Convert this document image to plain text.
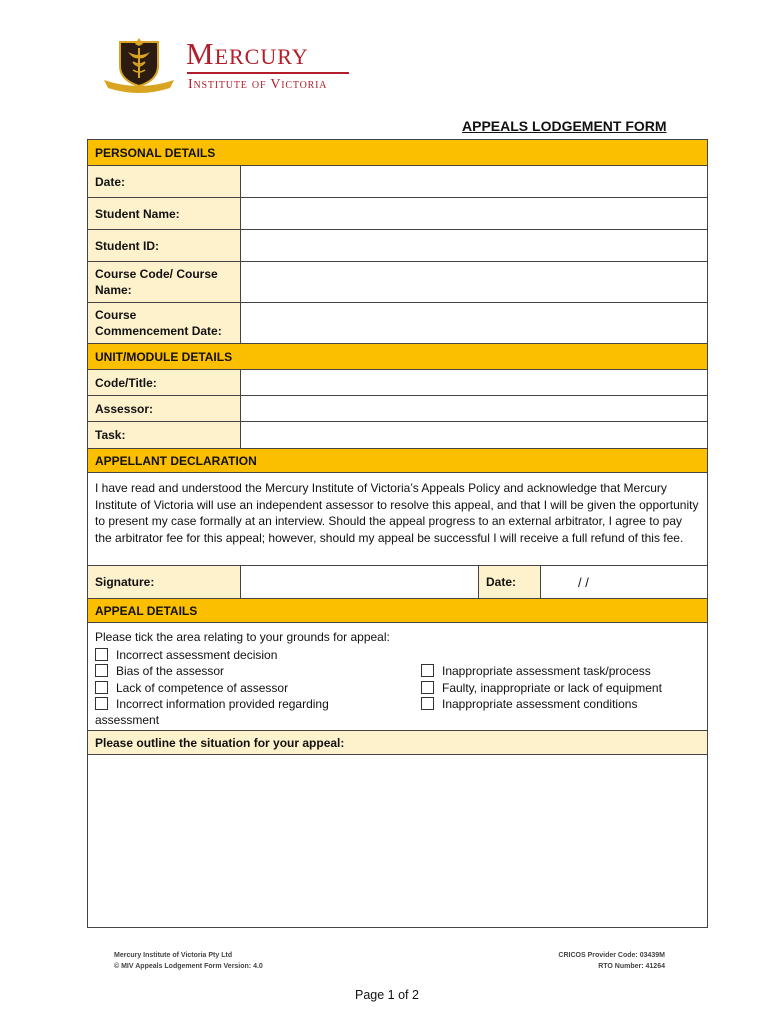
Mercury
Institute of Victoria
APPEALS LODGEMENT FORM
PERSONAL DETAILS
Date:
Student Name:
Student ID:
Course Code/ Course Name:
Course Commencement Date:
UNIT/MODULE DETAILS
Code/Title:
Assessor:
Task:
APPELLANT DECLARATION
I have read and understood the Mercury Institute of Victoria’s Appeals Policy and acknowledge that Mercury Institute of Victoria will use an independent assessor to resolve this appeal, and that I will be given the opportunity to present my case formally at an interview. Should the appeal progress to an external arbitrator, I agree to pay the arbitrator fee for this appeal; however, should my appeal be successful I will receive a full refund of this fee.
Signature:	Date:	/ /
APPEAL DETAILS
Please tick the area relating to your grounds for appeal:
Incorrect assessment decision
Bias of the assessor
Lack of competence of assessor
Incorrect information provided regarding
assessment
Inappropriate assessment task/process
Faulty, inappropriate or lack of equipment
Inappropriate assessment conditions
Please outline the situation for your appeal:
Mercury Institute of Victoria Pty Ltd
© MIV Appeals Lodgement Form Version: 4.0
CRICOS Provider Code: 03439M
RTO Number: 41264
Page 1 of 2
